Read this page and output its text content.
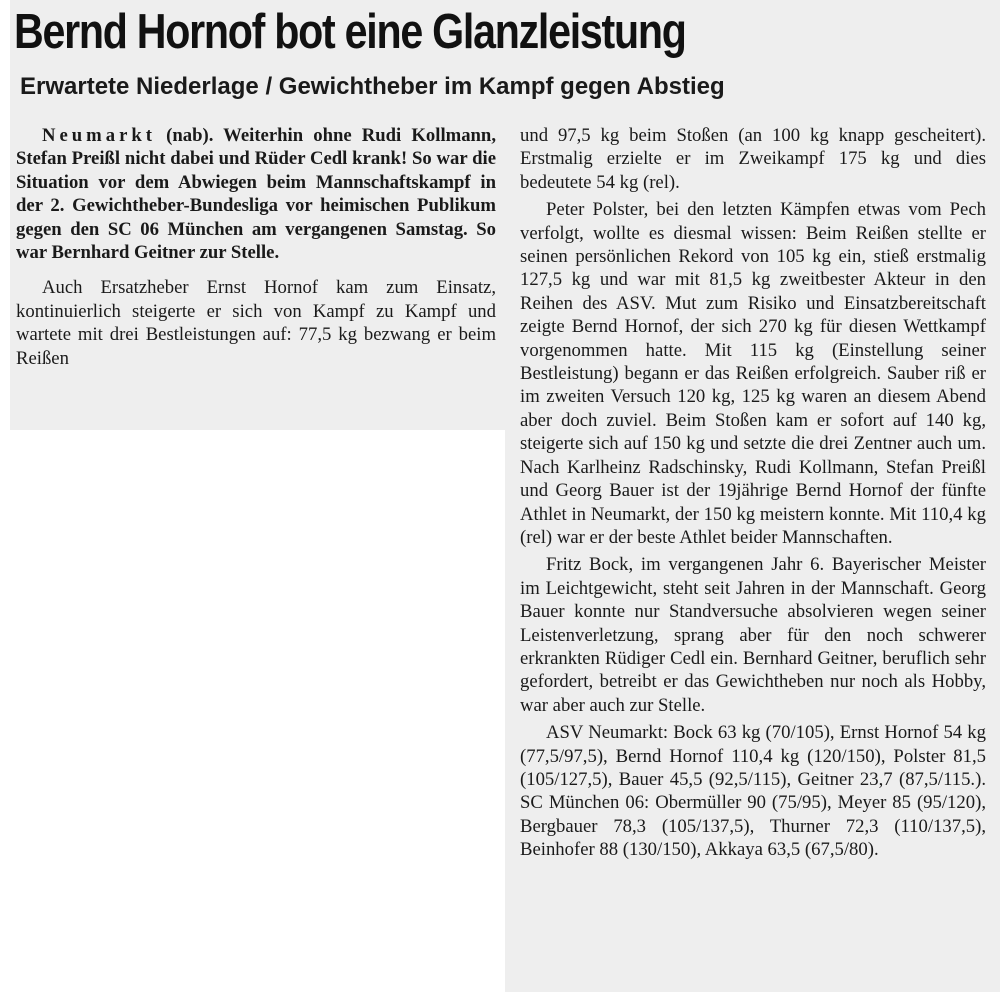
Bernd Hornof bot eine Glanzleistung
Erwartete Niederlage / Gewichtheber im Kampf gegen Abstieg

Neumarkt (nab). Weiterhin ohne Rudi Kollmann, Stefan Preißl nicht dabei und Rüder Cedl krank! So war die Situation vor dem Abwiegen beim Mannschaftskampf in der 2. Gewichtheber-Bundesliga vor heimischen Publikum gegen den SC 06 München am vergangenen Samstag. So war Bernhard Geitner zur Stelle.

Auch Ersatzheber Ernst Hornof kam zum Einsatz, kontinuierlich steigerte er sich von Kampf zu Kampf und wartete mit drei Bestleistungen auf: 77,5 kg bezwang er beim Reißen

und 97,5 kg beim Stoßen (an 100 kg knapp gescheitert). Erstmalig erzielte er im Zweikampf 175 kg und dies bedeutete 54 kg (rel).

Peter Polster, bei den letzten Kämpfen etwas vom Pech verfolgt, wollte es diesmal wissen: Beim Reißen stellte er seinen persönlichen Rekord von 105 kg ein, stieß erstmalig 127,5 kg und war mit 81,5 kg zweitbester Akteur in den Reihen des ASV. Mut zum Risiko und Einsatzbereitschaft zeigte Bernd Hornof, der sich 270 kg für diesen Wettkampf vorgenommen hatte. Mit 115 kg (Einstellung seiner Bestleistung) begann er das Reißen erfolgreich. Sauber riß er im zweiten Versuch 120 kg, 125 kg waren an diesem Abend aber doch zuviel. Beim Stoßen kam er sofort auf 140 kg, steigerte sich auf 150 kg und setzte die drei Zentner auch um. Nach Karlheinz Radschinsky, Rudi Kollmann, Stefan Preißl und Georg Bauer ist der 19jährige Bernd Hornof der fünfte Athlet in Neumarkt, der 150 kg meistern konnte. Mit 110,4 kg (rel) war er der beste Athlet beider Mannschaften.

Fritz Bock, im vergangenen Jahr 6. Bayerischer Meister im Leichtgewicht, steht seit Jahren in der Mannschaft. Georg Bauer konnte nur Standversuche absolvieren wegen seiner Leistenverletzung, sprang aber für den noch schwerer erkrankten Rüdiger Cedl ein. Bernhard Geitner, beruflich sehr gefordert, betreibt er das Gewichtheben nur noch als Hobby, war aber auch zur Stelle.

ASV Neumarkt: Bock 63 kg (70/105), Ernst Hornof 54 kg (77,5/97,5), Bernd Hornof 110,4 kg (120/150), Polster 81,5 (105/127,5), Bauer 45,5 (92,5/115), Geitner 23,7 (87,5/115.). SC München 06: Obermüller 90 (75/95), Meyer 85 (95/120), Bergbauer 78,3 (105/137,5), Thurner 72,3 (110/137,5), Beinhofer 88 (130/150), Akkaya 63,5 (67,5/80).
